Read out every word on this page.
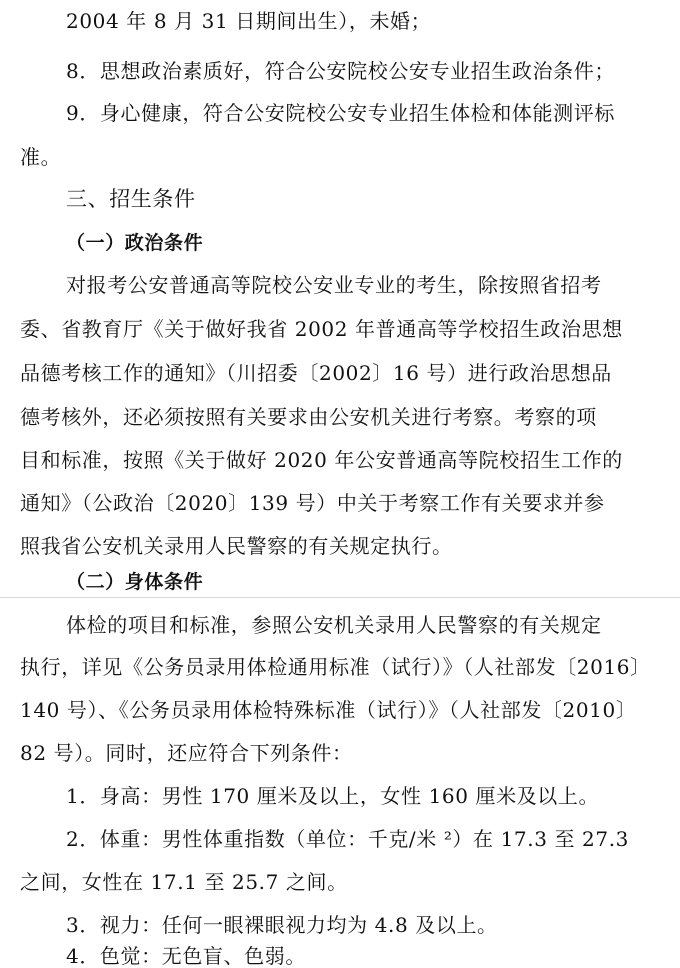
2004 年 8 月 31 日期间出生），未婚；
8．思想政治素质好，符合公安院校公安专业招生政治条件；
9．身心健康，符合公安院校公安专业招生体检和体能测评标
准。
三、招生条件
（一）政治条件
对报考公安普通高等院校公安业专业的考生，除按照省招考
委、省教育厅《关于做好我省 2002 年普通高等学校招生政治思想
品德考核工作的通知》（川招委〔2002〕16 号）进行政治思想品
德考核外，还必须按照有关要求由公安机关进行考察。考察的项
目和标准，按照《关于做好 2020 年公安普通高等院校招生工作的
通知》（公政治〔2020〕139 号）中关于考察工作有关要求并参
照我省公安机关录用人民警察的有关规定执行。
（二）身体条件
体检的项目和标准，参照公安机关录用人民警察的有关规定
执行，详见《公务员录用体检通用标准（试行）》（人社部发〔2016〕
140 号）、《公务员录用体检特殊标准（试行）》（人社部发〔2010〕
82 号）。同时，还应符合下列条件：
1．身高：男性 170 厘米及以上，女性 160 厘米及以上。
2．体重：男性体重指数（单位：千克/米 ²）在 17.3 至 27.3
之间，女性在 17.1 至 25.7 之间。
3．视力：任何一眼裸眼视力均为 4.8 及以上。
4．色觉：无色盲、色弱。
